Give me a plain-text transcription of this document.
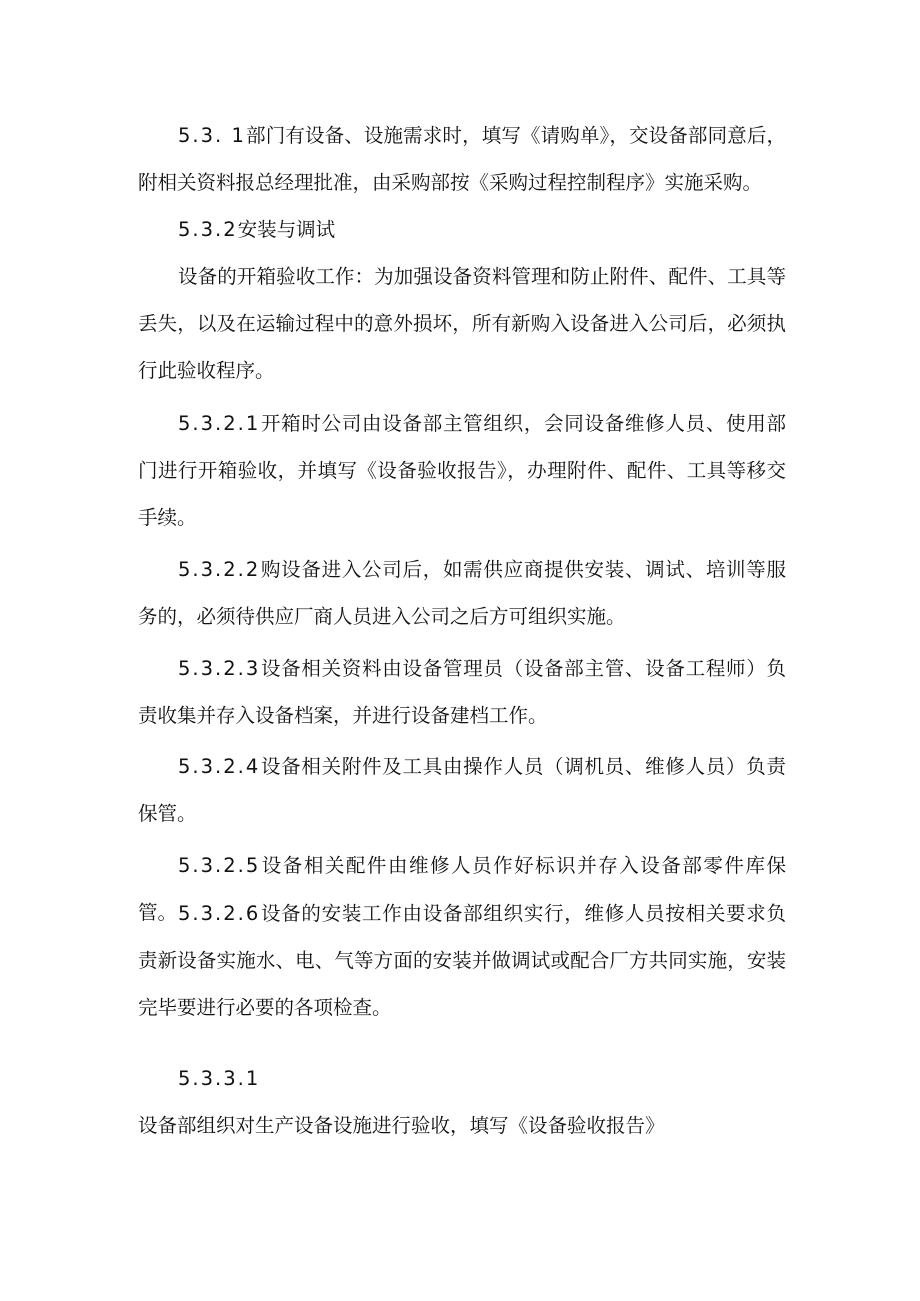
5.3. 1部门有设备、设施需求时，填写《请购单》，交设备部同意后，附相关资料报总经理批准，由采购部按《采购过程控制程序》实施采购。

5.3.2安装与调试

设备的开箱验收工作：为加强设备资料管理和防止附件、配件、工具等丢失，以及在运输过程中的意外损坏，所有新购入设备进入公司后，必须执行此验收程序。

5.3.2.1开箱时公司由设备部主管组织，会同设备维修人员、使用部门进行开箱验收，并填写《设备验收报告》，办理附件、配件、工具等移交手续。

5.3.2.2购设备进入公司后，如需供应商提供安装、调试、培训等服务的，必须待供应厂商人员进入公司之后方可组织实施。

5.3.2.3设备相关资料由设备管理员（设备部主管、设备工程师）负责收集并存入设备档案，并进行设备建档工作。

5.3.2.4设备相关附件及工具由操作人员（调机员、维修人员）负责保管。

5.3.2.5设备相关配件由维修人员作好标识并存入设备部零件库保管。 5.3.2.6设备的安装工作由设备部组织实行，维修人员按相关要求负责新设备实施水、电、气等方面的安装并做调试或配合厂方共同实施，安装完毕要进行必要的各项检查。

5.3.3.1设备部组织对生产设备设施进行验收，填写《设备验收报告》
